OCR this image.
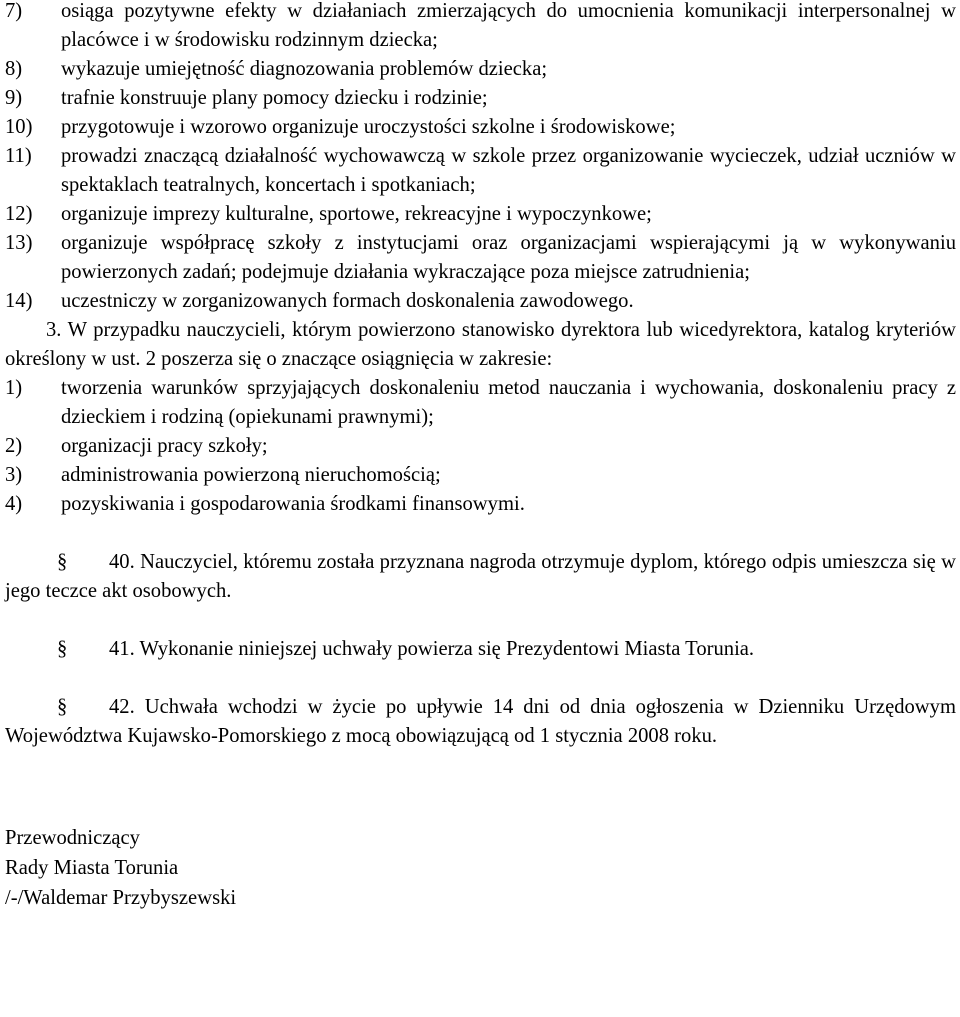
7) osiąga pozytywne efekty w działaniach zmierzających do umocnienia komunikacji interpersonalnej w placówce i w środowisku rodzinnym dziecka;
8) wykazuje umiejętność diagnozowania problemów dziecka;
9) trafnie konstruuje plany pomocy dziecku i rodzinie;
10) przygotowuje i wzorowo organizuje uroczystości szkolne i środowiskowe;
11) prowadzi znaczącą działalność wychowawczą w szkole przez organizowanie wycieczek, udział uczniów w spektaklach teatralnych, koncertach i spotkaniach;
12) organizuje imprezy kulturalne, sportowe, rekreacyjne i wypoczynkowe;
13) organizuje współpracę szkoły z instytucjami oraz organizacjami wspierającymi ją w wykonywaniu powierzonych zadań; podejmuje działania wykraczające poza miejsce zatrudnienia;
14) uczestniczy w zorganizowanych formach doskonalenia zawodowego.
3. W przypadku nauczycieli, którym powierzono stanowisko dyrektora lub wicedyrektora, katalog kryteriów określony w ust. 2 poszerza się o znaczące osiągnięcia w zakresie:
1) tworzenia warunków sprzyjających doskonaleniu metod nauczania i wychowania, doskonaleniu pracy z dzieckiem i rodziną (opiekunami prawnymi);
2) organizacji pracy szkoły;
3) administrowania powierzoną nieruchomością;
4) pozyskiwania i gospodarowania środkami finansowymi.
§ 40. Nauczyciel, któremu została przyznana nagroda otrzymuje dyplom, którego odpis umieszcza się w jego teczce akt osobowych.
§ 41. Wykonanie niniejszej uchwały powierza się Prezydentowi Miasta Torunia.
§ 42. Uchwała wchodzi w życie po upływie 14 dni od dnia ogłoszenia w Dzienniku Urzędowym Województwa Kujawsko-Pomorskiego z mocą obowiązującą od 1 stycznia 2008 roku.
Przewodniczący
Rady Miasta Torunia
/-/Waldemar Przybyszewski
